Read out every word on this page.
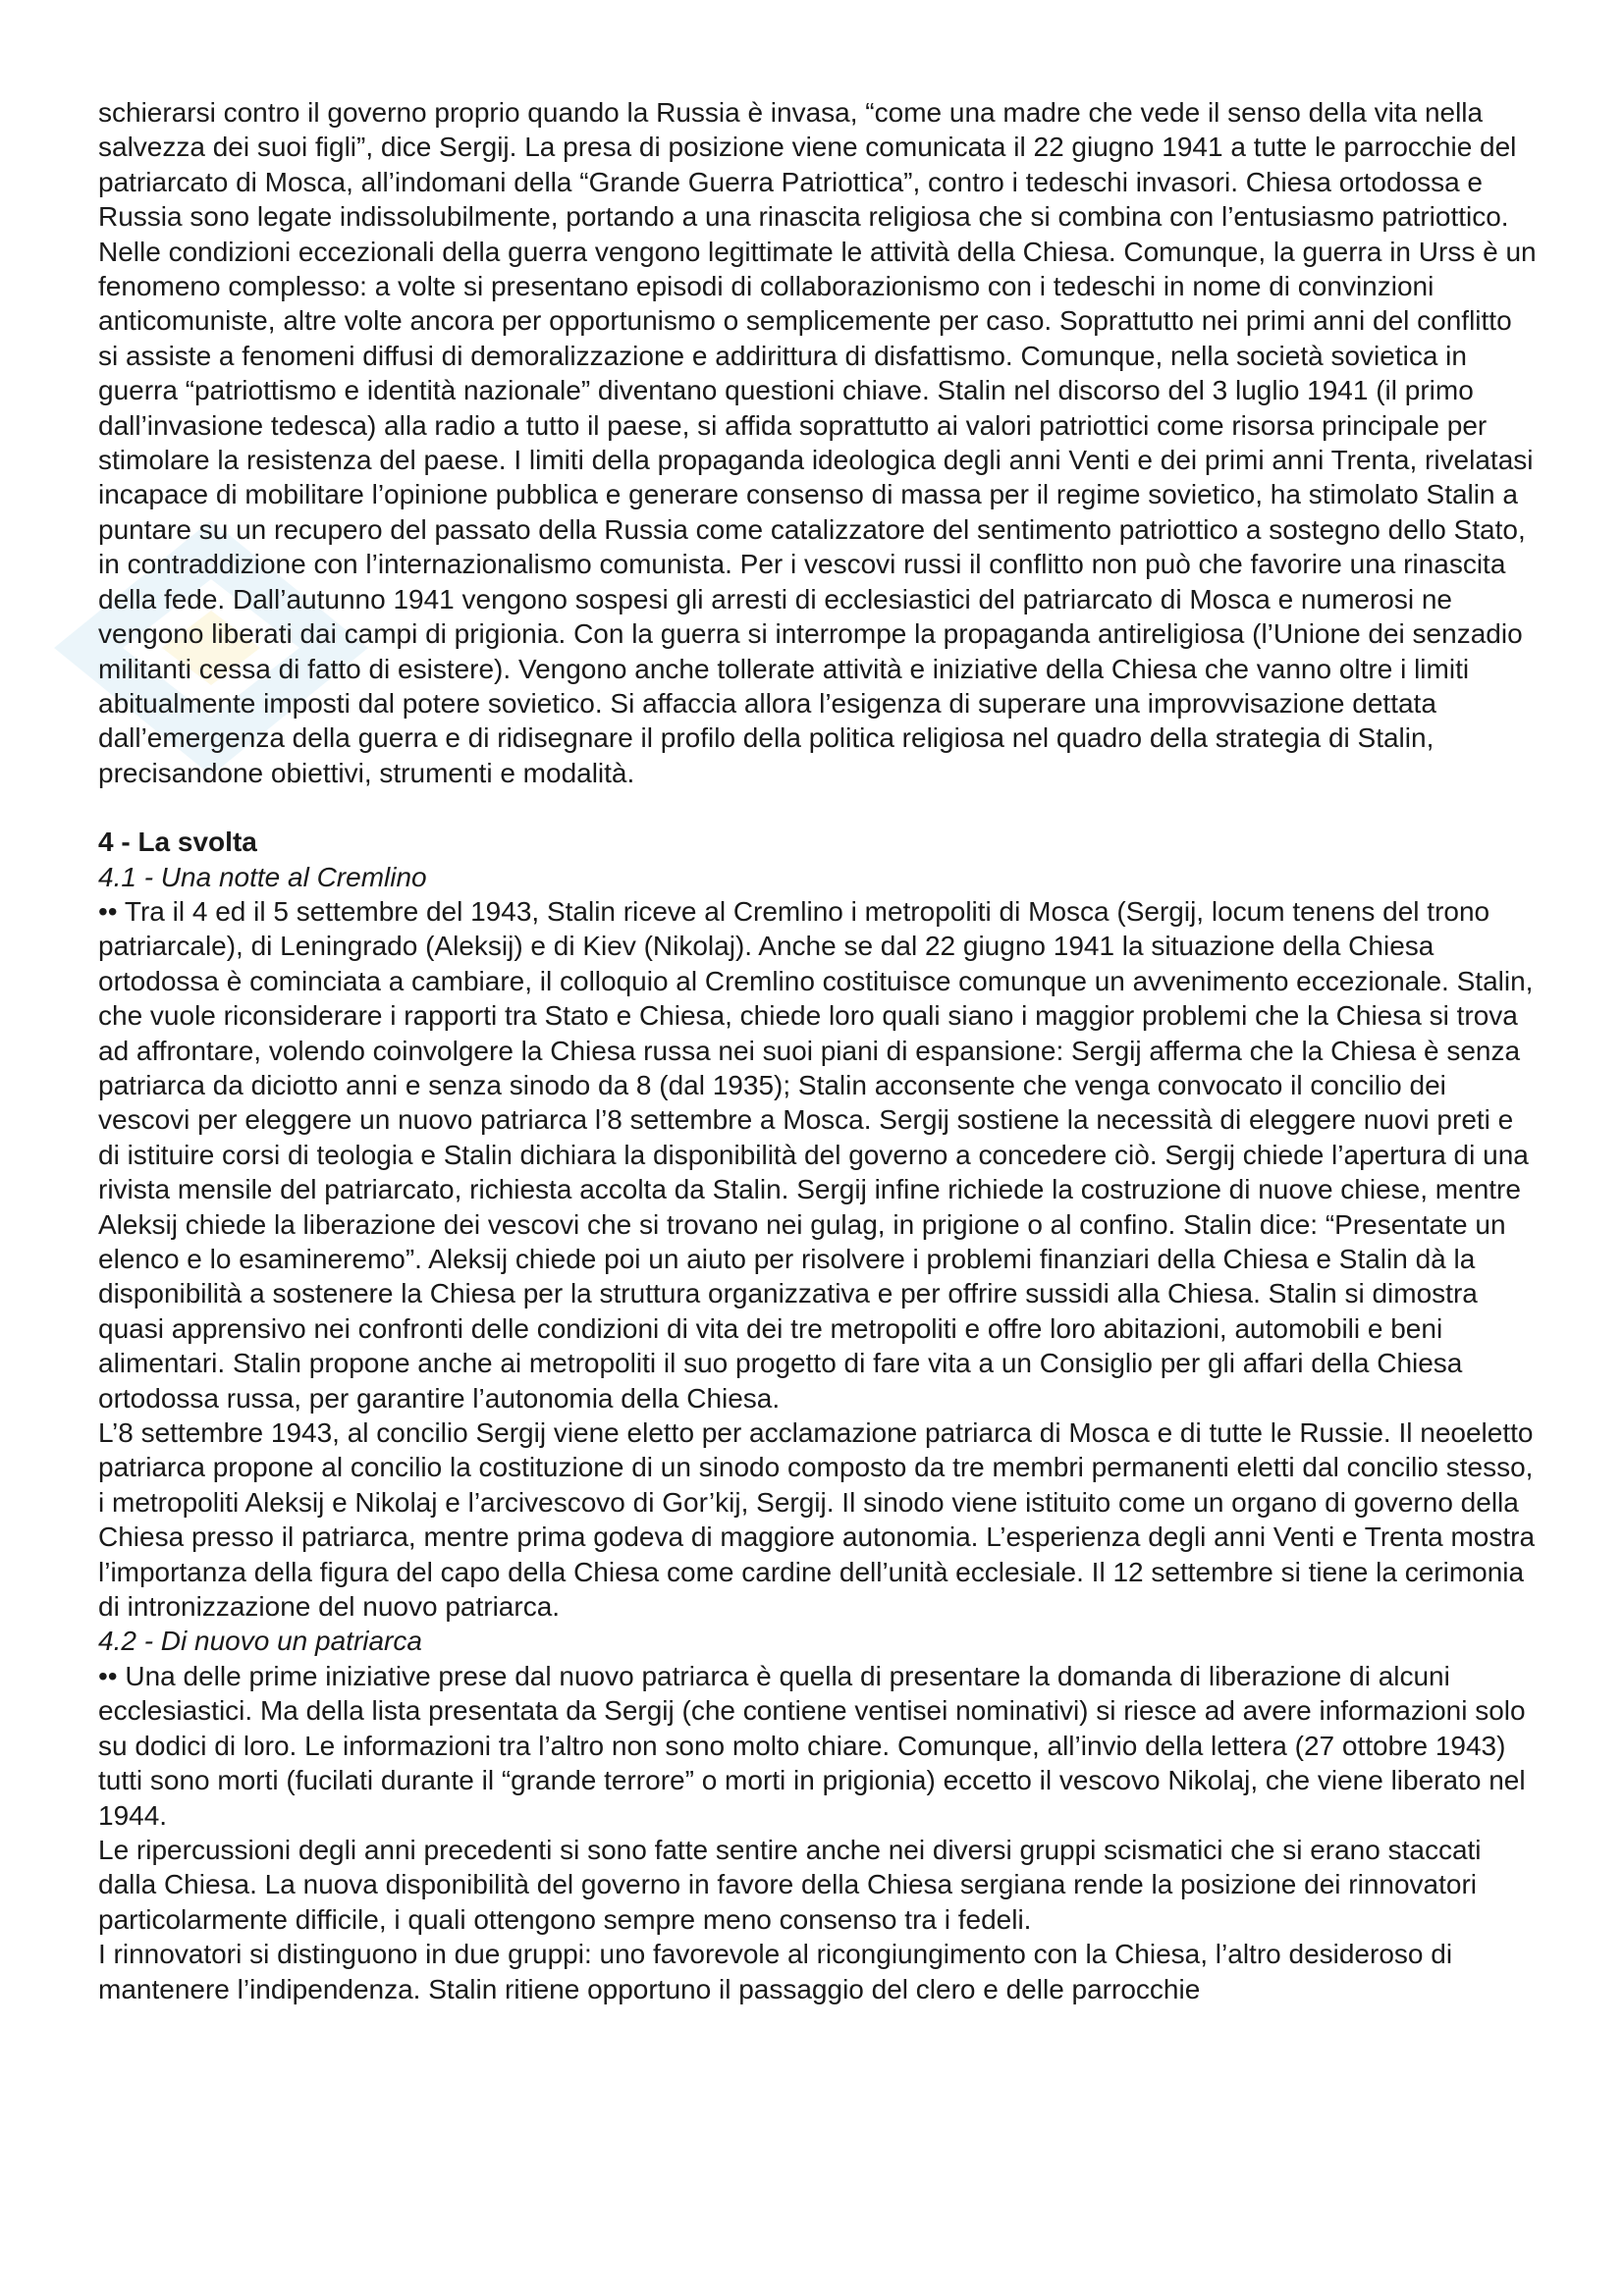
schierarsi contro il governo proprio quando la Russia è invasa, “come una madre che vede il senso della vita nella salvezza dei suoi figli”, dice Sergij. La presa di posizione viene comunicata il 22 giugno 1941 a tutte le parrocchie del patriarcato di Mosca, all’indomani della “Grande Guerra Patriottica”, contro i tedeschi invasori. Chiesa ortodossa e Russia sono legate indissolubilmente, portando a una rinascita religiosa che si combina con l’entusiasmo patriottico. Nelle condizioni eccezionali della guerra vengono legittimate le attività della Chiesa. Comunque, la guerra in Urss è un fenomeno complesso: a volte si presentano episodi di collaborazionismo con i tedeschi in nome di convinzioni anticomuniste, altre volte ancora per opportunismo o semplicemente per caso. Soprattutto nei primi anni del conflitto si assiste a fenomeni diffusi di demoralizzazione e addirittura di disfattismo. Comunque, nella società sovietica in guerra “patriottismo e identità nazionale” diventano questioni chiave. Stalin nel discorso del 3 luglio 1941 (il primo dall’invasione tedesca) alla radio a tutto il paese, si affida soprattutto ai valori patriottici come risorsa principale per stimolare la resistenza del paese. I limiti della propaganda ideologica degli anni Venti e dei primi anni Trenta, rivelatasi incapace di mobilitare l’opinione pubblica e generare consenso di massa per il regime sovietico, ha stimolato Stalin a puntare su un recupero del passato della Russia come catalizzatore del sentimento patriottico a sostegno dello Stato, in contraddizione con l’internazionalismo comunista. Per i vescovi russi il conflitto non può che favorire una rinascita della fede. Dall’autunno 1941 vengono sospesi gli arresti di ecclesiastici del patriarcato di Mosca e numerosi ne vengono liberati dai campi di prigionia. Con la guerra si interrompe la propaganda antireligiosa (l’Unione dei senzadio militanti cessa di fatto di esistere). Vengono anche tollerate attività e iniziative della Chiesa che vanno oltre i limiti abitualmente imposti dal potere sovietico. Si affaccia allora l’esigenza di superare una improvvisazione dettata dall’emergenza della guerra e di ridisegnare il profilo della politica religiosa nel quadro della strategia di Stalin, precisandone obiettivi, strumenti e modalità.

4 - La svolta

4.1 - Una notte al Cremlino

•• Tra il 4 ed il 5 settembre del 1943, Stalin riceve al Cremlino i metropoliti di Mosca (Sergij, locum tenens del trono patriarcale), di Leningrado (Aleksij) e di Kiev (Nikolaj). Anche se dal 22 giugno 1941 la situazione della Chiesa ortodossa è cominciata a cambiare, il colloquio al Cremlino costituisce comunque un avvenimento eccezionale. Stalin, che vuole riconsiderare i rapporti tra Stato e Chiesa, chiede loro quali siano i maggior problemi che la Chiesa si trova ad affrontare, volendo coinvolgere la Chiesa russa nei suoi piani di espansione: Sergij afferma che la Chiesa è senza patriarca da diciotto anni e senza sinodo da 8 (dal 1935); Stalin acconsente che venga convocato il concilio dei vescovi per eleggere un nuovo patriarca l’8 settembre a Mosca. Sergij sostiene la necessità di eleggere nuovi preti e di istituire corsi di teologia e Stalin dichiara la disponibilità del governo a concedere ciò. Sergij chiede l’apertura di una rivista mensile del patriarcato, richiesta accolta da Stalin. Sergij infine richiede la costruzione di nuove chiese, mentre Aleksij chiede la liberazione dei vescovi che si trovano nei gulag, in prigione o al confino. Stalin dice: “Presentate un elenco e lo esamineremo”. Aleksij chiede poi un aiuto per risolvere i problemi finanziari della Chiesa e Stalin dà la disponibilità a sostenere la Chiesa per la struttura organizzativa e per offrire sussidi alla Chiesa. Stalin si dimostra quasi apprensivo nei confronti delle condizioni di vita dei tre metropoliti e offre loro abitazioni, automobili e beni alimentari. Stalin propone anche ai metropoliti il suo progetto di fare vita a un Consiglio per gli affari della Chiesa ortodossa russa, per garantire l’autonomia della Chiesa.

L’8 settembre 1943, al concilio Sergij viene eletto per acclamazione patriarca di Mosca e di tutte le Russie. Il neoeletto patriarca propone al concilio la costituzione di un sinodo composto da tre membri permanenti eletti dal concilio stesso, i metropoliti Aleksij e Nikolaj e l’arcivescovo di Gor’kij, Sergij. Il sinodo viene istituito come un organo di governo della Chiesa presso il patriarca, mentre prima godeva di maggiore autonomia. L’esperienza degli anni Venti e Trenta mostra l’importanza della figura del capo della Chiesa come cardine dell’unità ecclesiale. Il 12 settembre si tiene la cerimonia di intronizzazione del nuovo patriarca.

4.2 - Di nuovo un patriarca

•• Una delle prime iniziative prese dal nuovo patriarca è quella di presentare la domanda di liberazione di alcuni ecclesiastici. Ma della lista presentata da Sergij (che contiene ventisei nominativi) si riesce ad avere informazioni solo su dodici di loro. Le informazioni tra l’altro non sono molto chiare. Comunque, all’invio della lettera (27 ottobre 1943) tutti sono morti (fucilati durante il “grande terrore” o morti in prigionia) eccetto il vescovo Nikolaj, che viene liberato nel 1944.

Le ripercussioni degli anni precedenti si sono fatte sentire anche nei diversi gruppi scismatici che si erano staccati dalla Chiesa. La nuova disponibilità del governo in favore della Chiesa sergiana rende la posizione dei rinnovatori particolarmente difficile, i quali ottengono sempre meno consenso tra i fedeli.

I rinnovatori si distinguono in due gruppi: uno favorevole al ricongiungimento con la Chiesa, l’altro desideroso di mantenere l’indipendenza. Stalin ritiene opportuno il passaggio del clero e delle parrocchie
